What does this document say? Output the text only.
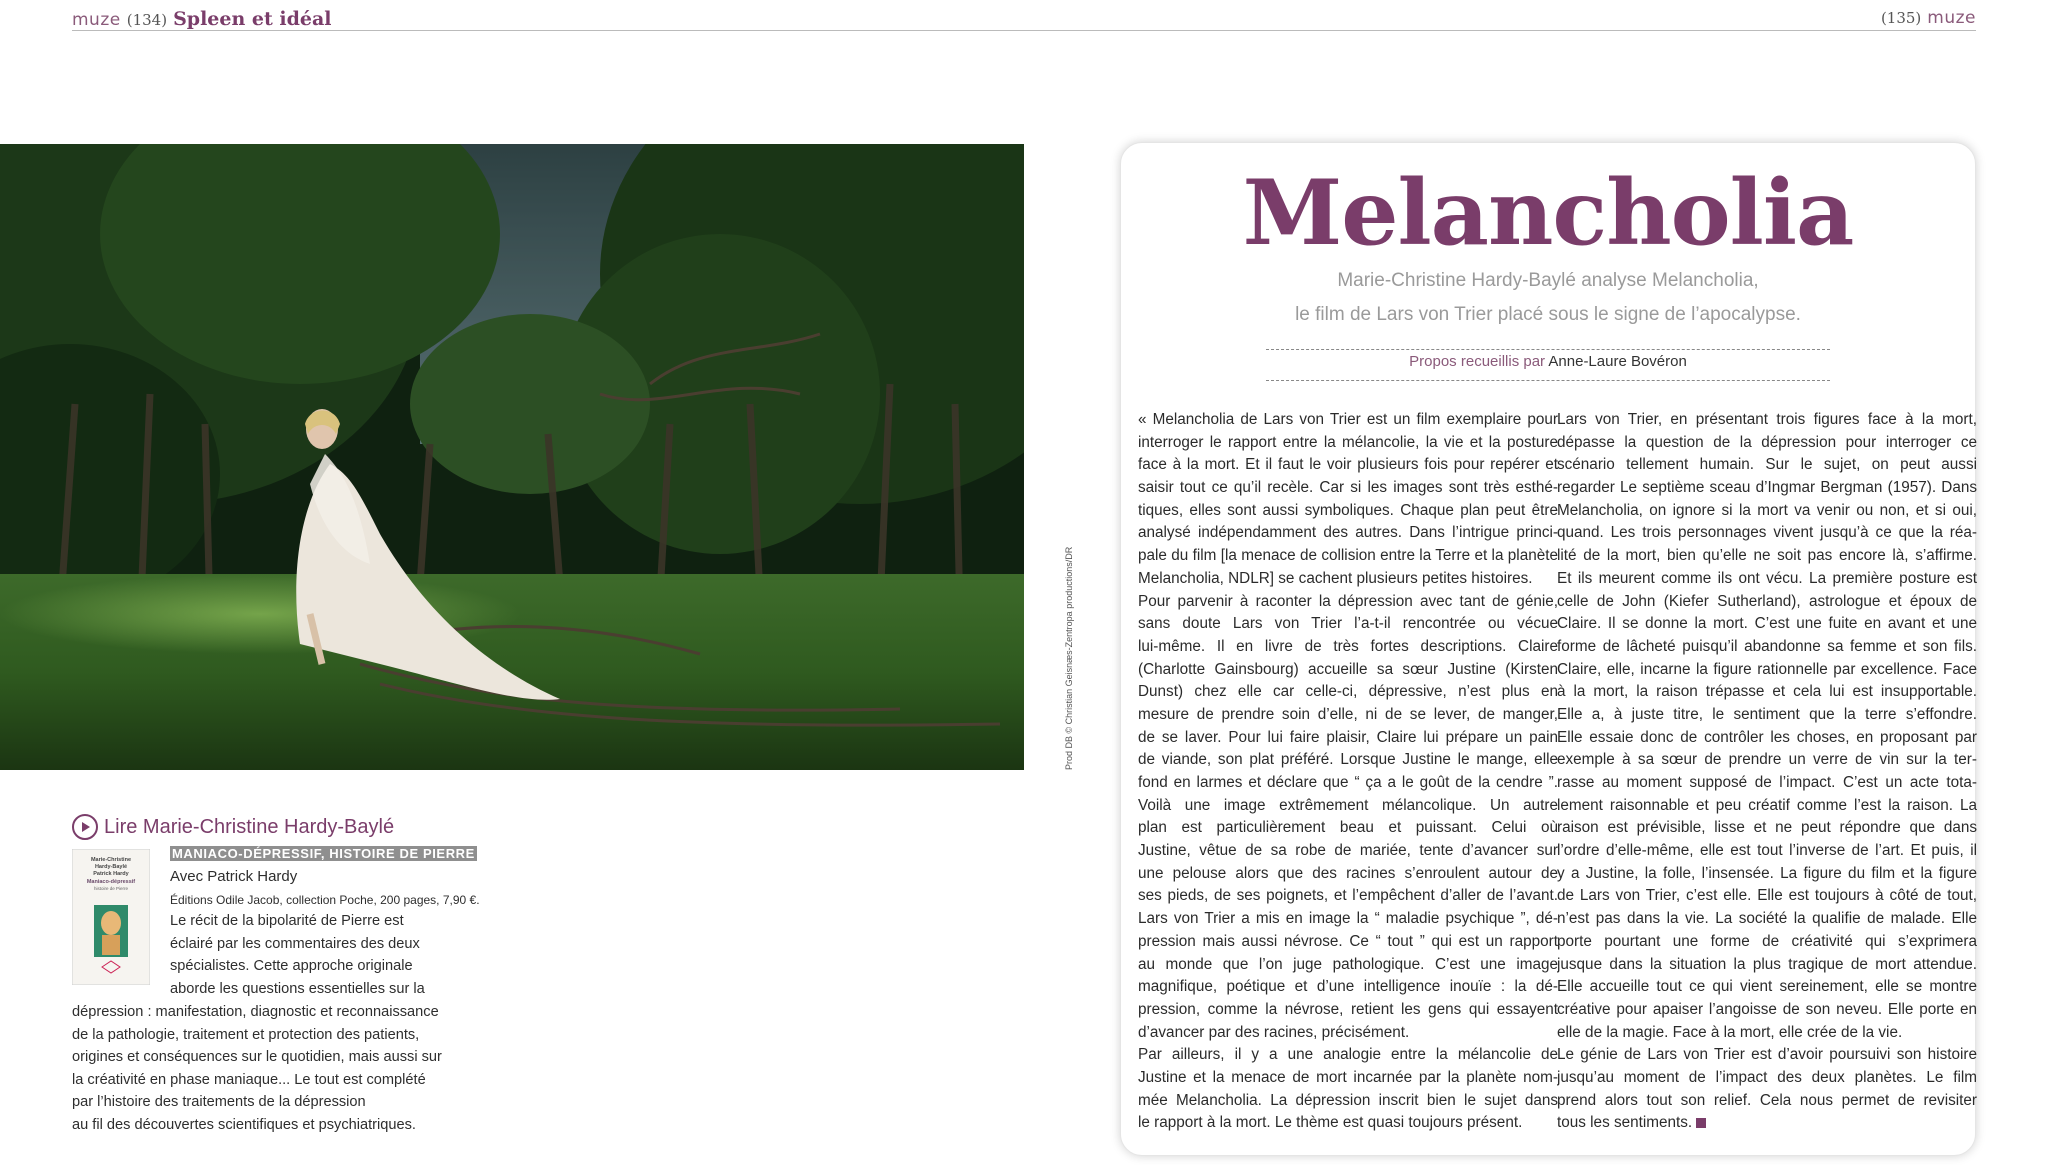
muze (134) Spleen et idéal	(135) muze
Prod DB © Christian Geisnæs-Zentropa productions/DR
Lire Marie-Christine Hardy-Baylé
Marie-Christine
Hardy-Baylé
Patrick Hardy
Maniaco-dépressif
histoire de Pierre
MANIACO-DÉPRESSIF, HISTOIRE DE PIERRE
Avec Patrick Hardy
Éditions Odile Jacob, collection Poche, 200 pages, 7,90 €.
Le récit de la bipolarité de Pierre est
éclairé par les commentaires des deux
spécialistes. Cette approche originale
aborde les questions essentielles sur la
dépression : manifestation, diagnostic et reconnaissance
de la pathologie, traitement et protection des patients,
origines et conséquences sur le quotidien, mais aussi sur
la créativité en phase maniaque... Le tout est complété
par l’histoire des traitements de la dépression
au fil des découvertes scientifiques et psychiatriques.
Melancholia
Marie-Christine Hardy-Baylé analyse Melancholia,
le film de Lars von Trier placé sous le signe de l’apocalypse.
Propos recueillis par Anne-Laure Bovéron
« Melancholia de Lars von Trier est un film exemplaire pour
interroger le rapport entre la mélancolie, la vie et la posture
face à la mort. Et il faut le voir plusieurs fois pour repérer et
saisir tout ce qu’il recèle. Car si les images sont très esthé-
tiques, elles sont aussi symboliques. Chaque plan peut être
analysé indépendamment des autres. Dans l’intrigue princi-
pale du film [la menace de collision entre la Terre et la planète
Melancholia, NDLR] se cachent plusieurs petites histoires.
Pour parvenir à raconter la dépression avec tant de génie,
sans doute Lars von Trier l’a-t-il rencontrée ou vécue
lui-même. Il en livre de très fortes descriptions. Claire
(Charlotte Gainsbourg) accueille sa sœur Justine (Kirsten
Dunst) chez elle car celle-ci, dépressive, n’est plus en
mesure de prendre soin d’elle, ni de se lever, de manger,
de se laver. Pour lui faire plaisir, Claire lui prépare un pain
de viande, son plat préféré. Lorsque Justine le mange, elle
fond en larmes et déclare que “ ça a le goût de la cendre ”.
Voilà une image extrêmement mélancolique. Un autre
plan est particulièrement beau et puissant. Celui où
Justine, vêtue de sa robe de mariée, tente d’avancer sur
une pelouse alors que des racines s’enroulent autour de
ses pieds, de ses poignets, et l’empêchent d’aller de l’avant.
Lars von Trier a mis en image la “ maladie psychique ”, dé-
pression mais aussi névrose. Ce “ tout ” qui est un rapport
au monde que l’on juge pathologique. C’est une image
magnifique, poétique et d’une intelligence inouïe : la dé-
pression, comme la névrose, retient les gens qui essayent
d’avancer par des racines, précisément.
Par ailleurs, il y a une analogie entre la mélancolie de
Justine et la menace de mort incarnée par la planète nom-
mée Melancholia. La dépression inscrit bien le sujet dans
le rapport à la mort. Le thème est quasi toujours présent.
Lars von Trier, en présentant trois figures face à la mort,
dépasse la question de la dépression pour interroger ce
scénario tellement humain. Sur le sujet, on peut aussi
regarder Le septième sceau d’Ingmar Bergman (1957). Dans
Melancholia, on ignore si la mort va venir ou non, et si oui,
quand. Les trois personnages vivent jusqu’à ce que la réa-
lité de la mort, bien qu’elle ne soit pas encore là, s’affirme.
Et ils meurent comme ils ont vécu. La première posture est
celle de John (Kiefer Sutherland), astrologue et époux de
Claire. Il se donne la mort. C’est une fuite en avant et une
forme de lâcheté puisqu’il abandonne sa femme et son fils.
Claire, elle, incarne la figure rationnelle par excellence. Face
à la mort, la raison trépasse et cela lui est insupportable.
Elle a, à juste titre, le sentiment que la terre s’effondre.
Elle essaie donc de contrôler les choses, en proposant par
exemple à sa sœur de prendre un verre de vin sur la ter-
rasse au moment supposé de l’impact. C’est un acte tota-
lement raisonnable et peu créatif comme l’est la raison. La
raison est prévisible, lisse et ne peut répondre que dans
l’ordre d’elle-même, elle est tout l’inverse de l’art. Et puis, il
y a Justine, la folle, l’insensée. La figure du film et la figure
de Lars von Trier, c’est elle. Elle est toujours à côté de tout,
n’est pas dans la vie. La société la qualifie de malade. Elle
porte pourtant une forme de créativité qui s’exprimera
jusque dans la situation la plus tragique de mort attendue.
Elle accueille tout ce qui vient sereinement, elle se montre
créative pour apaiser l’angoisse de son neveu. Elle porte en
elle de la magie. Face à la mort, elle crée de la vie.
Le génie de Lars von Trier est d’avoir poursuivi son histoire
jusqu’au moment de l’impact des deux planètes. Le film
prend alors tout son relief. Cela nous permet de revisiter
tous les sentiments.
